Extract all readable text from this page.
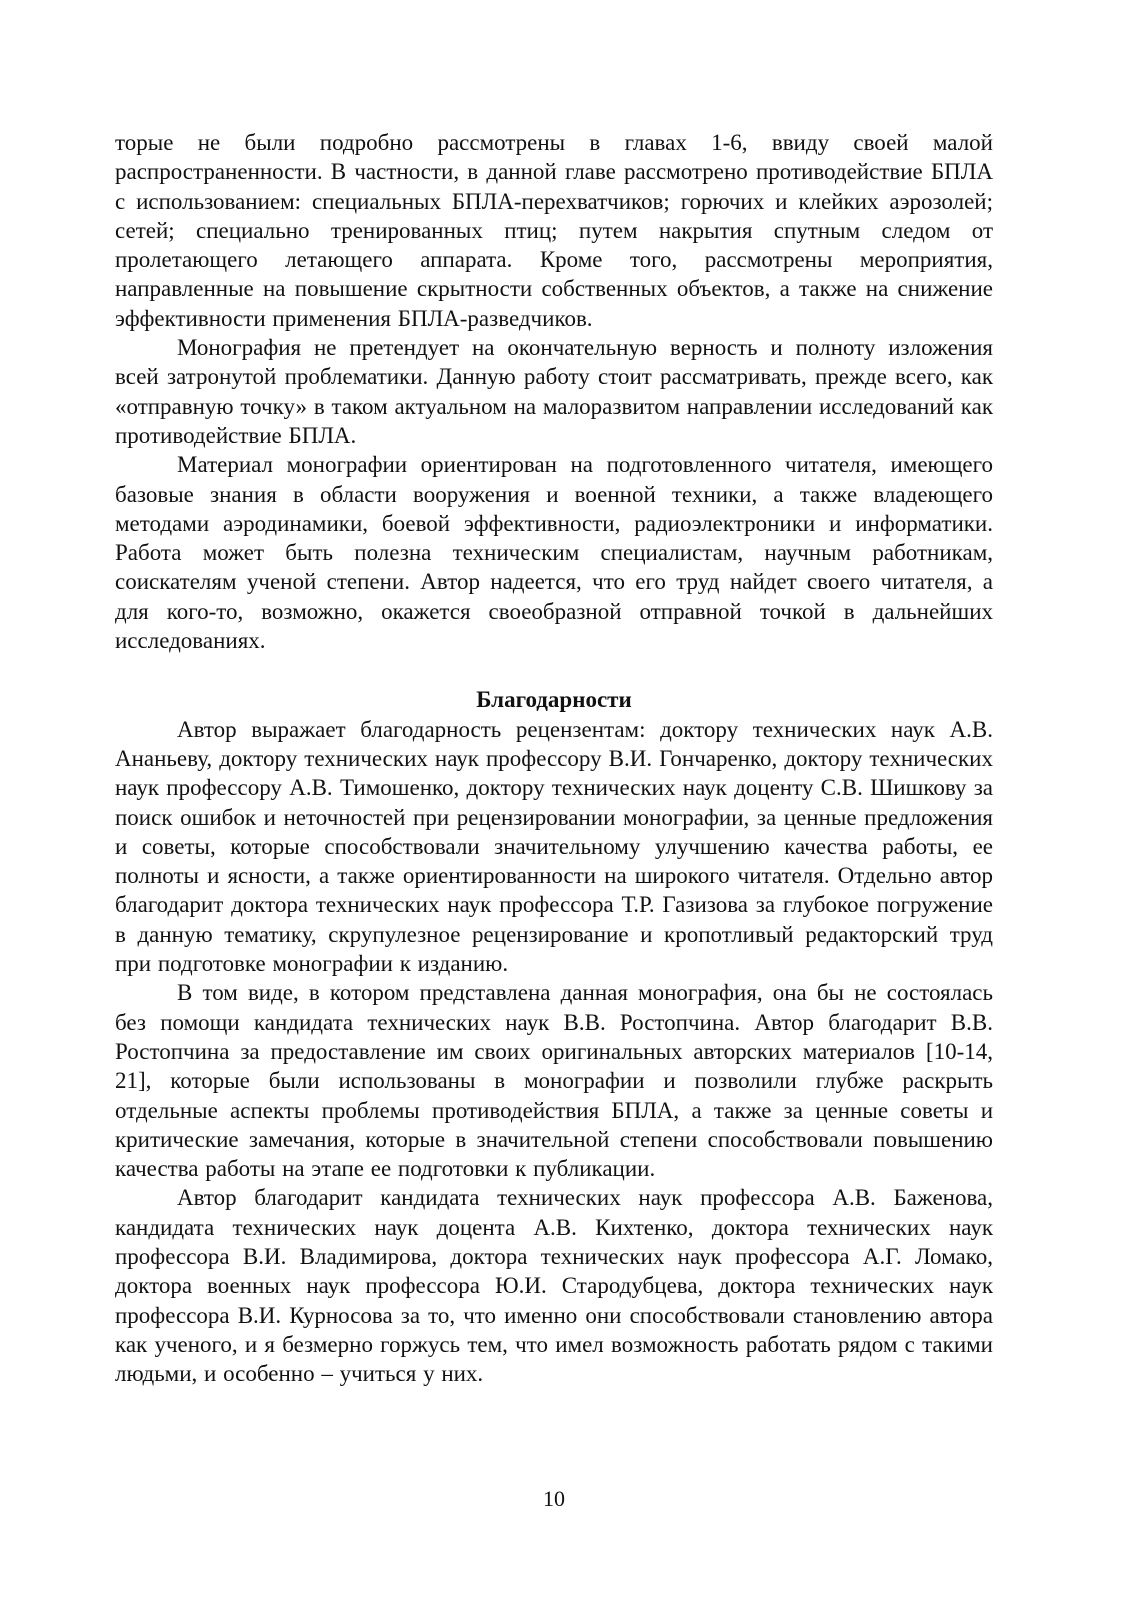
торые не были подробно рассмотрены в главах 1-6, ввиду своей малой распространенности. В частности, в данной главе рассмотрено противодействие БПЛА с использованием: специальных БПЛА-перехватчиков; горючих и клейких аэрозолей; сетей; специально тренированных птиц; путем накрытия спутным следом от пролетающего летающего аппарата. Кроме того, рассмотрены мероприятия, направленные на повышение скрытности собственных объектов, а также на снижение эффективности применения БПЛА-разведчиков.

Монография не претендует на окончательную верность и полноту изложения всей затронутой проблематики. Данную работу стоит рассматривать, прежде всего, как «отправную точку» в таком актуальном на малоразвитом направлении исследований как противодействие БПЛА.

Материал монографии ориентирован на подготовленного читателя, имеющего базовые знания в области вооружения и военной техники, а также владеющего методами аэродинамики, боевой эффективности, радиоэлектроники и информатики. Работа может быть полезна техническим специалистам, научным работникам, соискателям ученой степени. Автор надеется, что его труд найдет своего читателя, а для кого-то, возможно, окажется своеобразной отправной точкой в дальнейших исследованиях.

Благодарности

Автор выражает благодарность рецензентам: доктору технических наук А.В. Ананьеву, доктору технических наук профессору В.И. Гончаренко, доктору технических наук профессору А.В. Тимошенко, доктору технических наук доценту С.В. Шишкову за поиск ошибок и неточностей при рецензировании монографии, за ценные предложения и советы, которые способствовали значительному улучшению качества работы, ее полноты и ясности, а также ориентированности на широкого читателя. Отдельно автор благодарит доктора технических наук профессора Т.Р. Газизова за глубокое погружение в данную тематику, скрупулезное рецензирование и кропотливый редакторский труд при подготовке монографии к изданию.

В том виде, в котором представлена данная монография, она бы не состоялась без помощи кандидата технических наук В.В. Ростопчина. Автор благодарит В.В. Ростопчина за предоставление им своих оригинальных авторских материалов [10-14, 21], которые были использованы в монографии и позволили глубже раскрыть отдельные аспекты проблемы противодействия БПЛА, а также за ценные советы и критические замечания, которые в значительной степени способствовали повышению качества работы на этапе ее подготовки к публикации.

Автор благодарит кандидата технических наук профессора А.В. Баженова, кандидата технических наук доцента А.В. Кихтенко, доктора технических наук профессора В.И. Владимирова, доктора технических наук профессора А.Г. Ломако, доктора военных наук профессора Ю.И. Стародубцева, доктора технических наук профессора В.И. Курносова за то, что именно они способствовали становлению автора как ученого, и я безмерно горжусь тем, что имел возможность работать рядом с такими людьми, и особенно – учиться у них.

10
